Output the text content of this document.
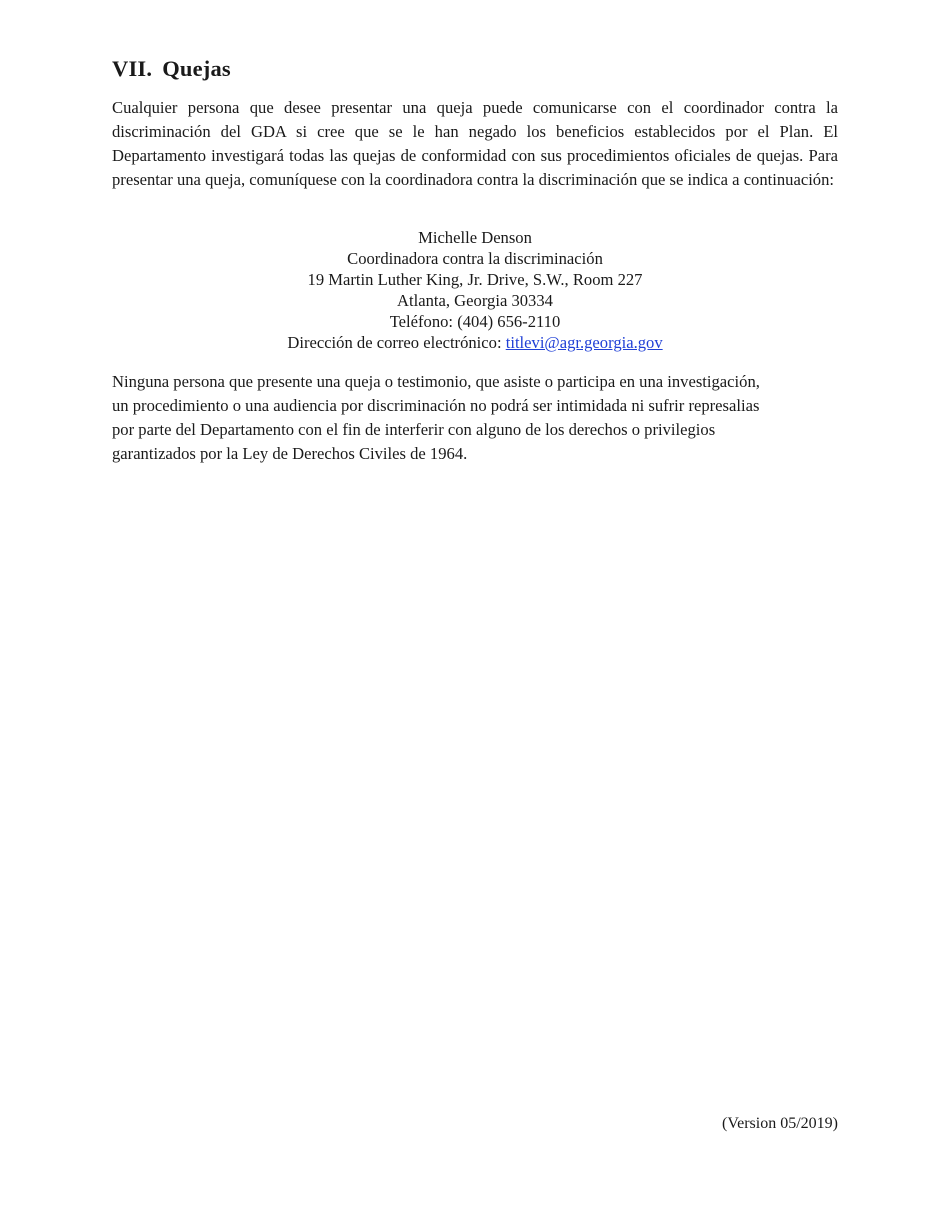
VII. Quejas

Cualquier persona que desee presentar una queja puede comunicarse con el coordinador contra la discriminación del GDA si cree que se le han negado los beneficios establecidos por el Plan. El Departamento investigará todas las quejas de conformidad con sus procedimientos oficiales de quejas. Para presentar una queja, comuníquese con la coordinadora contra la discriminación que se indica a continuación:

Michelle Denson
Coordinadora contra la discriminación
19 Martin Luther King, Jr. Drive, S.W., Room 227
Atlanta, Georgia 30334
Teléfono: (404) 656-2110
Dirección de correo electrónico: titlevi@agr.georgia.gov

Ninguna persona que presente una queja o testimonio, que asiste o participa en una investigación,
un procedimiento o una audiencia por discriminación no podrá ser intimidada ni sufrir represalias
por parte del Departamento con el fin de interferir con alguno de los derechos o privilegios
garantizados por la Ley de Derechos Civiles de 1964.

(Version 05/2019)
